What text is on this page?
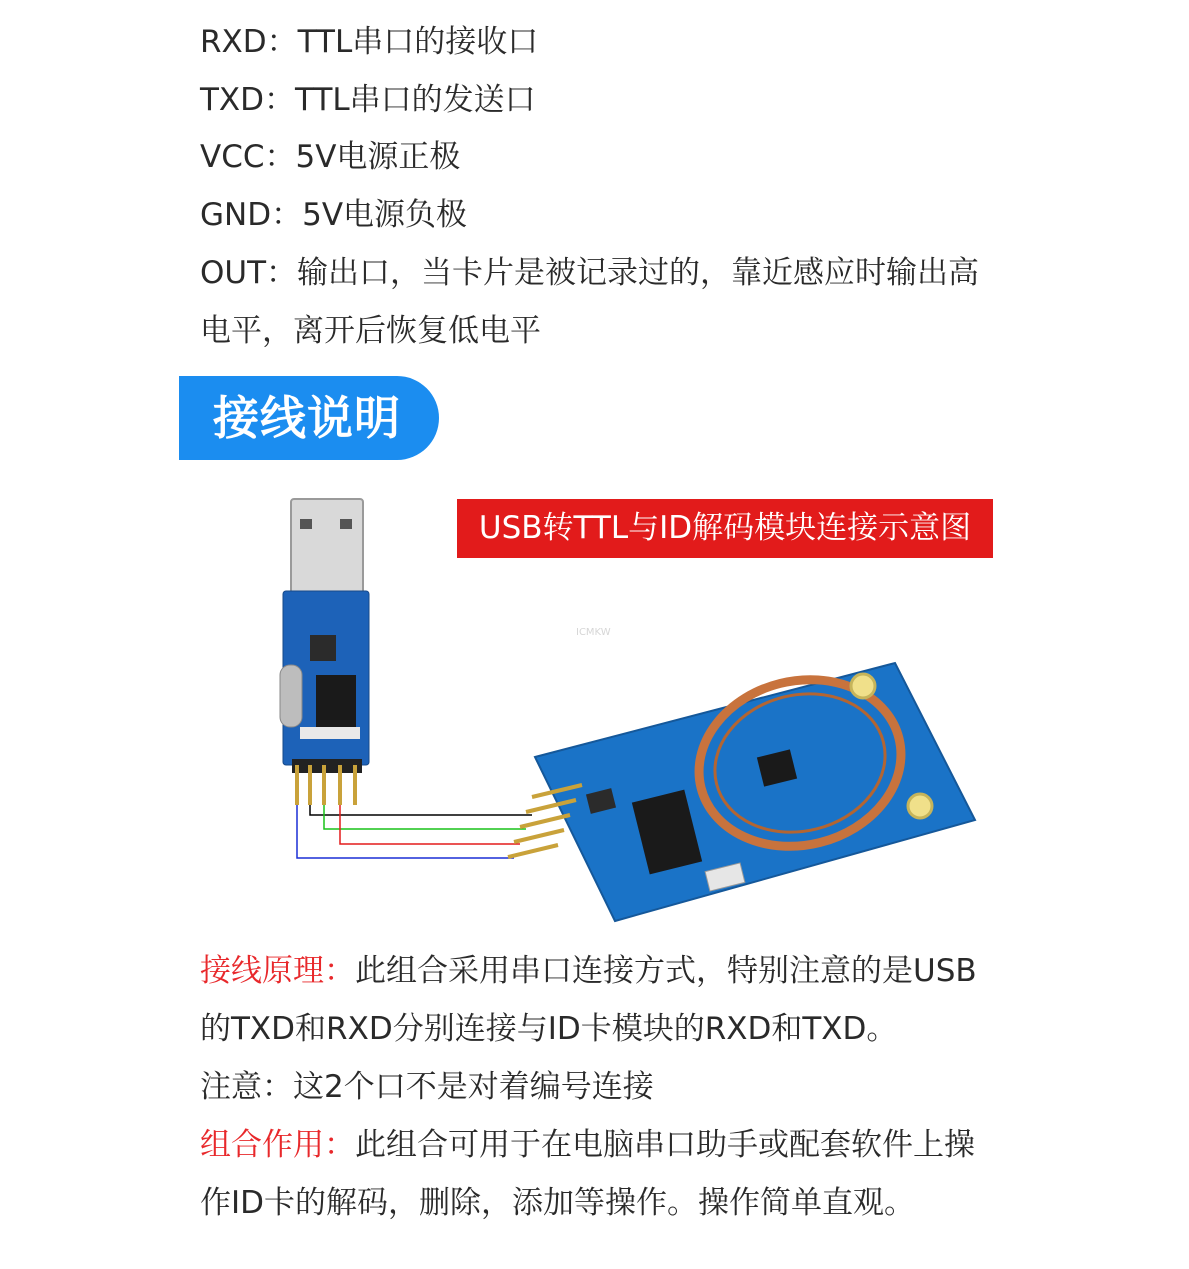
RXD：TTL串口的接收口
TXD：TTL串口的发送口
VCC：5V电源正极
GND：5V电源负极
OUT：输出口，当卡片是被记录过的，靠近感应时输出高
电平，离开后恢复低电平
接线说明
USB转TTL与ID解码模块连接示意图
ICMKW
接线原理：此组合采用串口连接方式，特别注意的是USB
的TXD和RXD分别连接与ID卡模块的RXD和TXD。
注意：这2个口不是对着编号连接
组合作用：此组合可用于在电脑串口助手或配套软件上操
作ID卡的解码，删除，添加等操作。操作简单直观。
